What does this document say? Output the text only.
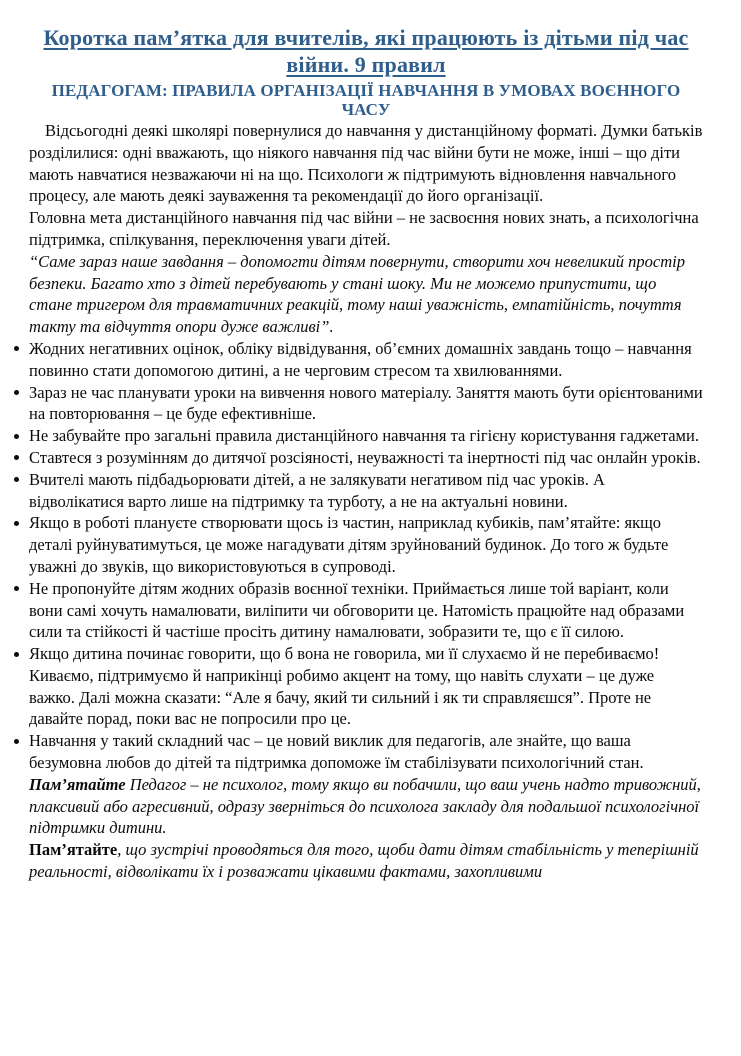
Коротка пам’ятка для вчителів, які працюють із дітьми під час війни. 9 правил
ПЕДАГОГАМ: ПРАВИЛА ОРГАНІЗАЦІЇ НАВЧАННЯ В УМОВАХ ВОЄННОГО ЧАСУ

Відсьогодні деякі школярі повернулися до навчання у дистанційному форматі. Думки батьків розділилися: одні вважають, що ніякого навчання під час війни бути не може, інші – що діти мають навчатися незважаючи ні на що. Психологи ж підтримують відновлення навчального процесу, але мають деякі зауваження та рекомендації до його організації.

Головна мета дистанційного навчання під час війни – не засвоєння нових знать, а психологічна підтримка, спілкування, переключення уваги дітей.

“Саме зараз наше завдання – допомогти дітям повернути, створити хоч невеликий простір безпеки. Багато хто з дітей перебувають у стані шоку. Ми не можемо припустити, що стане тригером для травматичних реакцій, тому наші уважність, емпатійність, почуття такту та відчуття опори дуже важливі”.

Жодних негативних оцінок, обліку відвідування, об’ємних домашніх завдань тощо – навчання повинно стати допомогою дитині, а не черговим стресом та хвилюваннями.
Зараз не час планувати уроки на вивчення нового матеріалу. Заняття мають бути орієнтованими на повторювання – це буде ефективніше.
Не забувайте про загальні правила дистанційного навчання та гігієну користування гаджетами.
Ставтеся з розумінням до дитячої розсіяності, неуважності та інертності під час онлайн уроків.
Вчителі мають підбадьорювати дітей, а не залякувати негативом під час уроків. А відволікатися варто лише на підтримку та турботу, а не на актуальні новини.
Якщо в роботі плануєте створювати щось із частин, наприклад кубиків, пам’ятайте: якщо деталі руйнуватимуться, це може нагадувати дітям зруйнований будинок. До того ж будьте уважні до звуків, що використовуються в супроводі.
Не пропонуйте дітям жодних образів воєнної техніки. Приймається лише той варіант, коли вони самі хочуть намалювати, виліпити чи обговорити це. Натомість працюйте над образами сили та стійкості й частіше просіть дитину намалювати, зобразити те, що є її силою.
Якщо дитина починає говорити, що б вона не говорила, ми її слухаємо й не перебиваємо! Киваємо, підтримуємо й наприкінці робимо акцент на тому, що навіть слухати – це дуже важко. Далі можна сказати: “Але я бачу, який ти сильний і як ти справляєшся”. Проте не давайте порад, поки вас не попросили про це.
Навчання у такий складний час – це новий виклик для педагогів, але знайте, що ваша безумовна любов до дітей та підтримка допоможе їм стабілізувати психологічний стан.

Пам’ятайте Педагог – не психолог, тому якщо ви побачили, що ваш учень надто тривожний, плаксивий або агресивний, одразу зверніться до психолога закладу для подальшої психологічної підтримки дитини.

Пам’ятайте, що зустрічі проводяться для того, щоби дати дітям стабільність у теперішній реальності, відволікати їх і розважати цікавими фактами, захопливими
